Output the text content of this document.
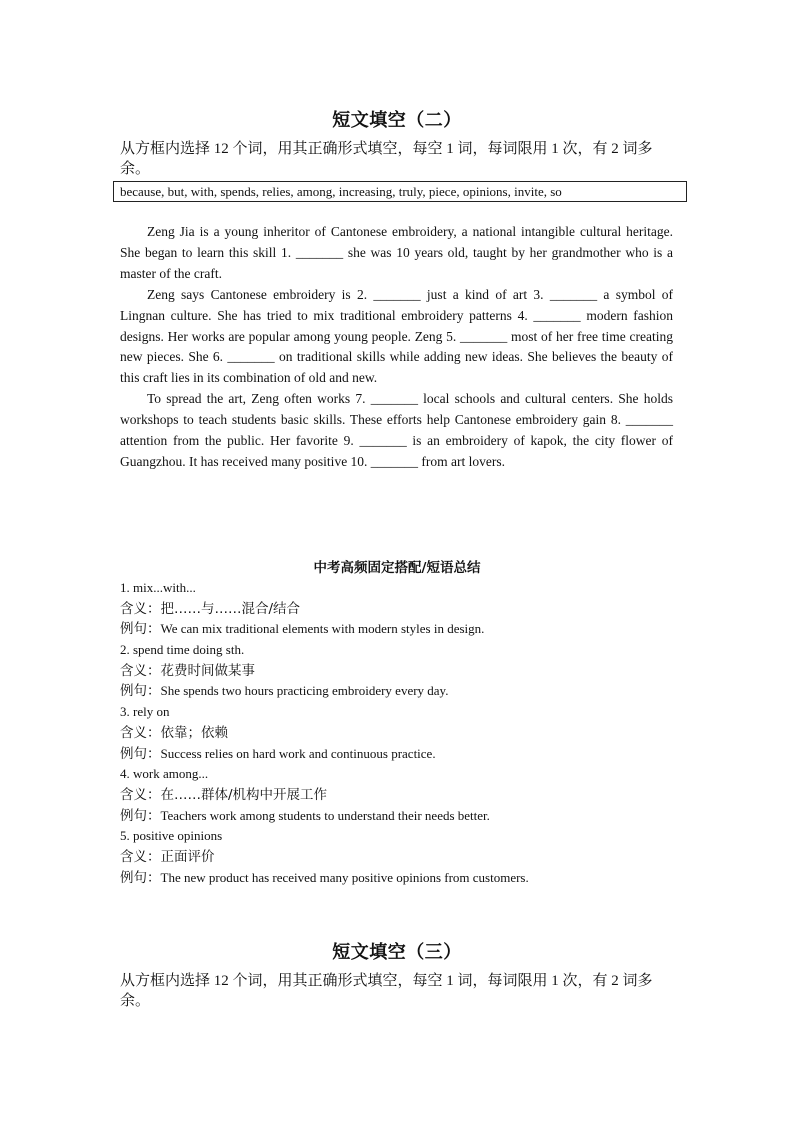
短文填空（二）
从方框内选择 12 个词，用其正确形式填空，每空 1 词，每词限用 1 次，有 2 词多余。
because, but, with, spends, relies, among, increasing, truly, piece, opinions, invite, so

Zeng Jia is a young inheritor of Cantonese embroidery, a national intangible cultural heritage. She began to learn this skill 1. _______ she was 10 years old, taught by her grandmother who is a master of the craft.

Zeng says Cantonese embroidery is 2. _______ just a kind of art 3. _______ a symbol of Lingnan culture. She has tried to mix traditional embroidery patterns 4. _______ modern fashion designs. Her works are popular among young people. Zeng 5. _______ most of her free time creating new pieces. She 6. _______ on traditional skills while adding new ideas. She believes the beauty of this craft lies in its combination of old and new.

To spread the art, Zeng often works 7. _______ local schools and cultural centers. She holds workshops to teach students basic skills. These efforts help Cantonese embroidery gain 8. _______ attention from the public. Her favorite 9. _______ is an embroidery of kapok, the city flower of Guangzhou. It has received many positive 10. _______ from art lovers.

中考高频固定搭配/短语总结
1. mix...with...
含义：把……与……混合/结合
例句：We can mix traditional elements with modern styles in design.
2. spend time doing sth.
含义：花费时间做某事
例句：She spends two hours practicing embroidery every day.
3. rely on
含义：依靠；依赖
例句：Success relies on hard work and continuous practice.
4. work among...
含义：在……群体/机构中开展工作
例句：Teachers work among students to understand their needs better.
5. positive opinions
含义：正面评价
例句：The new product has received many positive opinions from customers.
短文填空（三）
从方框内选择 12 个词，用其正确形式填空，每空 1 词，每词限用 1 次，有 2 词多余。
